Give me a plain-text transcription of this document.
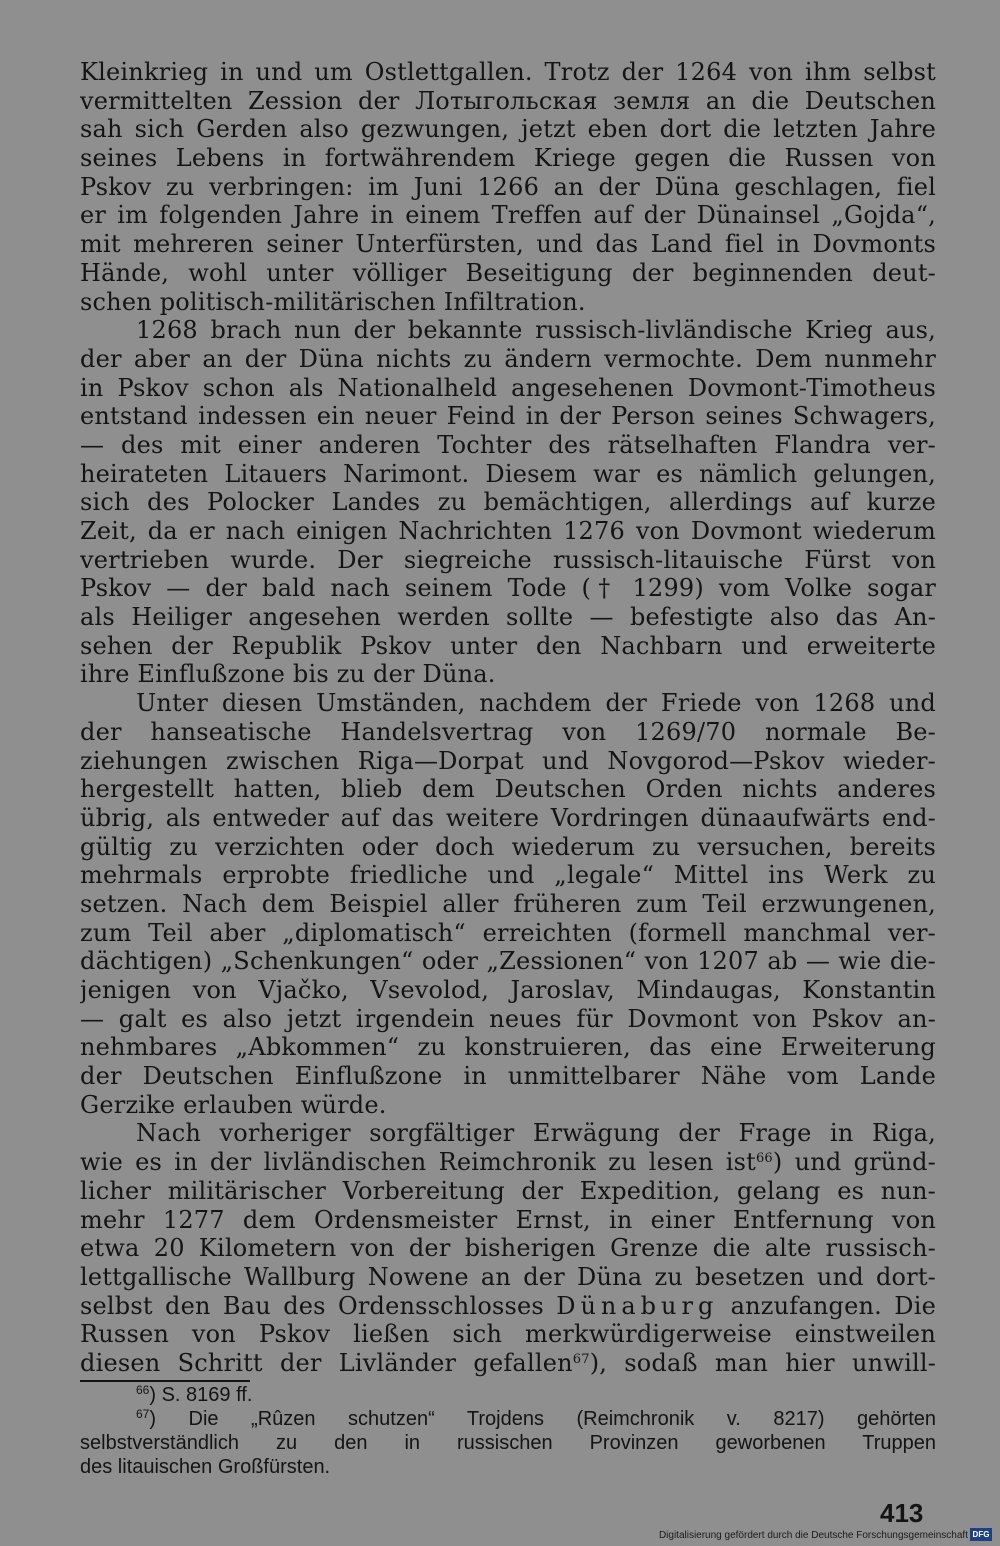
Kleinkrieg in und um Ostlettgallen. Trotz der 1264 von ihm selbst
vermittelten Zession der Лотыгольская земля an die Deutschen
sah sich Gerden also gezwungen, jetzt eben dort die letzten Jahre
seines Lebens in fortwährendem Kriege gegen die Russen von
Pskov zu verbringen: im Juni 1266 an der Düna geschlagen, fiel
er im folgenden Jahre in einem Treffen auf der Dünainsel „Gojda“,
mit mehreren seiner Unterfürsten, und das Land fiel in Dovmonts
Hände, wohl unter völliger Beseitigung der beginnenden deut-
schen politisch-militärischen Infiltration.
1268 brach nun der bekannte russisch-livländische Krieg aus,
der aber an der Düna nichts zu ändern vermochte. Dem nunmehr
in Pskov schon als Nationalheld angesehenen Dovmont-Timotheus
entstand indessen ein neuer Feind in der Person seines Schwagers,
— des mit einer anderen Tochter des rätselhaften Flandra ver-
heirateten Litauers Narimont. Diesem war es nämlich gelungen,
sich des Polocker Landes zu bemächtigen, allerdings auf kurze
Zeit, da er nach einigen Nachrichten 1276 von Dovmont wiederum
vertrieben wurde. Der siegreiche russisch-litauische Fürst von
Pskov — der bald nach seinem Tode († 1299) vom Volke sogar
als Heiliger angesehen werden sollte — befestigte also das An-
sehen der Republik Pskov unter den Nachbarn und erweiterte
ihre Einflußzone bis zu der Düna.
Unter diesen Umständen, nachdem der Friede von 1268 und
der hanseatische Handelsvertrag von 1269/70 normale Be-
ziehungen zwischen Riga—Dorpat und Novgorod—Pskov wieder-
hergestellt hatten, blieb dem Deutschen Orden nichts anderes
übrig, als entweder auf das weitere Vordringen dünaaufwärts end-
gültig zu verzichten oder doch wiederum zu versuchen, bereits
mehrmals erprobte friedliche und „legale“ Mittel ins Werk zu
setzen. Nach dem Beispiel aller früheren zum Teil erzwungenen,
zum Teil aber „diplomatisch“ erreichten (formell manchmal ver-
dächtigen) „Schenkungen“ oder „Zessionen“ von 1207 ab — wie die-
jenigen von Vjačko, Vsevolod, Jaroslav, Mindaugas, Konstantin
— galt es also jetzt irgendein neues für Dovmont von Pskov an-
nehmbares „Abkommen“ zu konstruieren, das eine Erweiterung
der Deutschen Einflußzone in unmittelbarer Nähe vom Lande
Gerzike erlauben würde.
Nach vorheriger sorgfältiger Erwägung der Frage in Riga,
wie es in der livländischen Reimchronik zu lesen ist$^{66}$) und gründ-
licher militärischer Vorbereitung der Expedition, gelang es nun-
mehr 1277 dem Ordensmeister Ernst, in einer Entfernung von
etwa 20 Kilometern von der bisherigen Grenze die alte russisch-
lettgallische Wallburg Nowene an der Düna zu besetzen und dort-
selbst den Bau des Ordensschlosses Dünaburg anzufangen. Die
Russen von Pskov ließen sich merkwürdigerweise einstweilen
diesen Schritt der Livländer gefallen$^{67}$), sodaß man hier unwill-
$^{66}$) S. 8169 ff.
$^{67}$) Die „Rûzen schutzen“ Trojdens (Reimchronik v. 8217) gehörten
selbstverständlich zu den in russischen Provinzen geworbenen Truppen
des litauischen Großfürsten.
413
Digitalisierung gefördert durch die Deutsche Forschungsgemeinschaft DFG
